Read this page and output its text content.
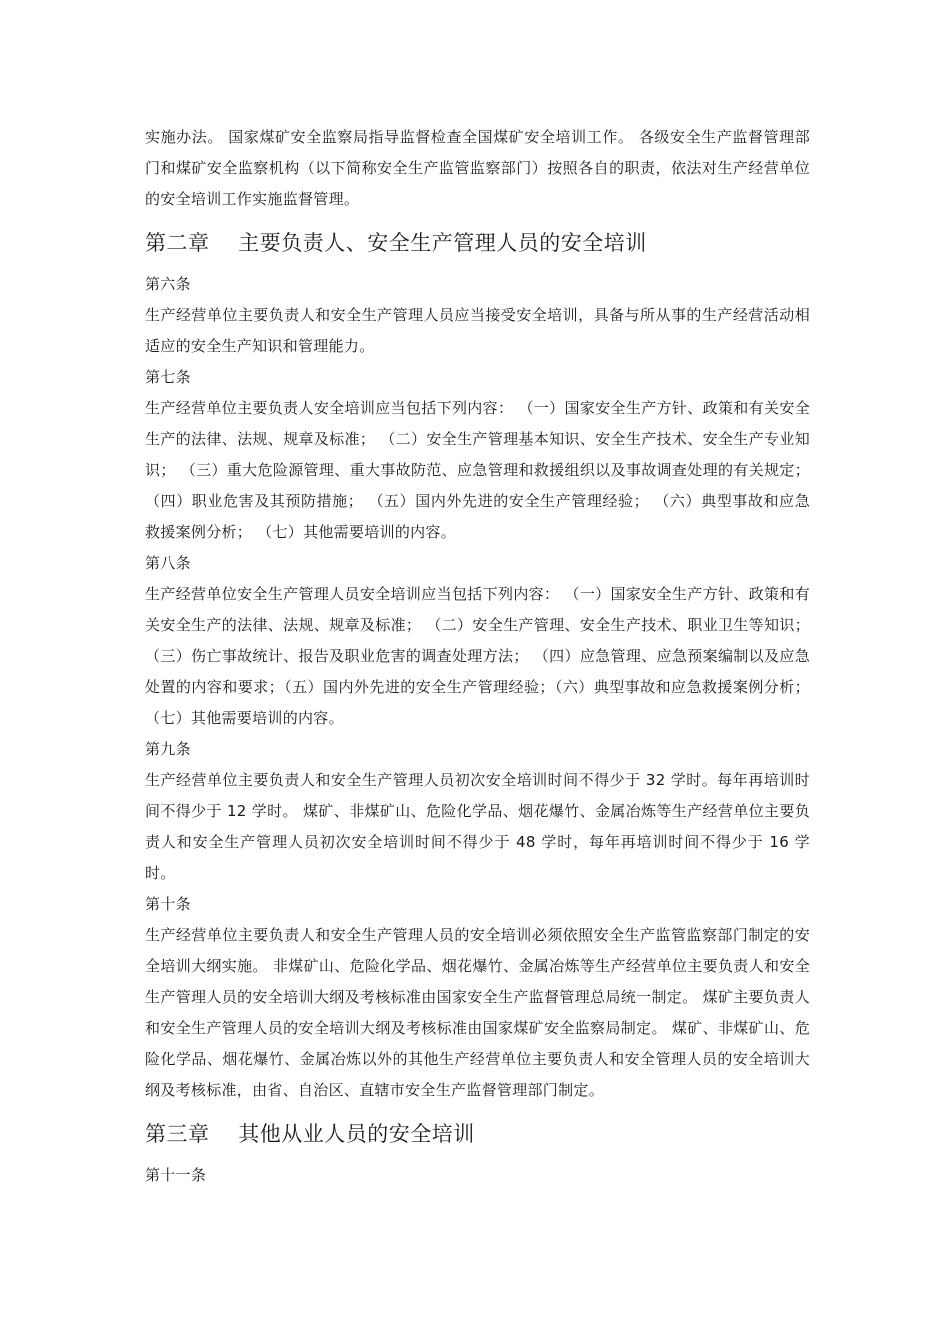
实施办法。 国家煤矿安全监察局指导监督检查全国煤矿安全培训工作。 各级安全生产监督管理部门和煤矿安全监察机构（以下简称安全生产监管监察部门）按照各自的职责，依法对生产经营单位的安全培训工作实施监督管理。

第二章    主要负责人、安全生产管理人员的安全培训

第六条

生产经营单位主要负责人和安全生产管理人员应当接受安全培训，具备与所从事的生产经营活动相适应的安全生产知识和管理能力。

第七条

生产经营单位主要负责人安全培训应当包括下列内容： （一）国家安全生产方针、政策和有关安全生产的法律、法规、规章及标准； （二）安全生产管理基本知识、安全生产技术、安全生产专业知识； （三）重大危险源管理、重大事故防范、应急管理和救援组织以及事故调查处理的有关规定； （四）职业危害及其预防措施； （五）国内外先进的安全生产管理经验； （六）典型事故和应急救援案例分析； （七）其他需要培训的内容。

第八条

生产经营单位安全生产管理人员安全培训应当包括下列内容： （一）国家安全生产方针、政策和有关安全生产的法律、法规、规章及标准； （二）安全生产管理、安全生产技术、职业卫生等知识； （三）伤亡事故统计、报告及职业危害的调查处理方法； （四）应急管理、应急预案编制以及应急处置的内容和要求；（五）国内外先进的安全生产管理经验；（六）典型事故和应急救援案例分析； （七）其他需要培训的内容。

第九条

生产经营单位主要负责人和安全生产管理人员初次安全培训时间不得少于 32 学时。每年再培训时间不得少于 12 学时。 煤矿、非煤矿山、危险化学品、烟花爆竹、金属冶炼等生产经营单位主要负责人和安全生产管理人员初次安全培训时间不得少于 48 学时，每年再培训时间不得少于 16 学时。

第十条

生产经营单位主要负责人和安全生产管理人员的安全培训必须依照安全生产监管监察部门制定的安全培训大纲实施。 非煤矿山、危险化学品、烟花爆竹、金属冶炼等生产经营单位主要负责人和安全生产管理人员的安全培训大纲及考核标准由国家安全生产监督管理总局统一制定。 煤矿主要负责人和安全生产管理人员的安全培训大纲及考核标准由国家煤矿安全监察局制定。 煤矿、非煤矿山、危险化学品、烟花爆竹、金属冶炼以外的其他生产经营单位主要负责人和安全管理人员的安全培训大纲及考核标准，由省、自治区、直辖市安全生产监督管理部门制定。

第三章    其他从业人员的安全培训

第十一条
